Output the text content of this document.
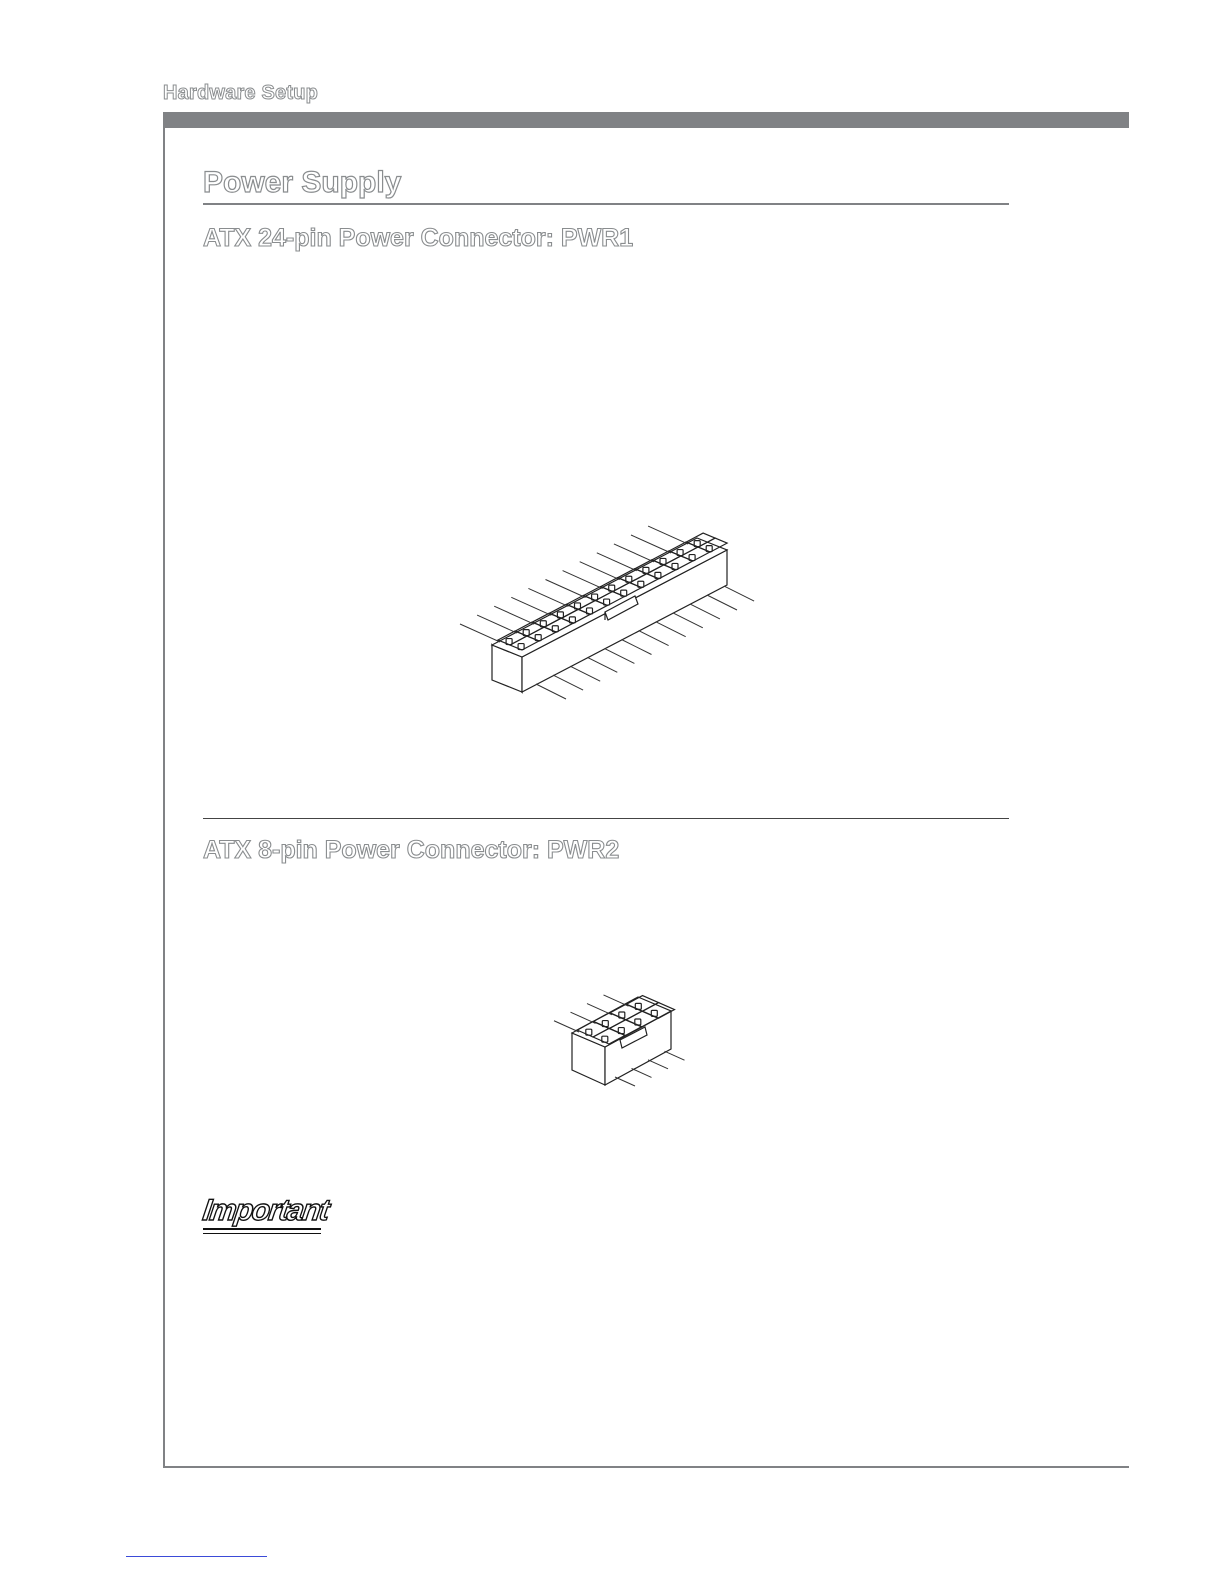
Hardware Setup
Power Supply
ATX 24-pin Power Connector: PWR1
ATX 8-pin Power Connector: PWR2
Important
